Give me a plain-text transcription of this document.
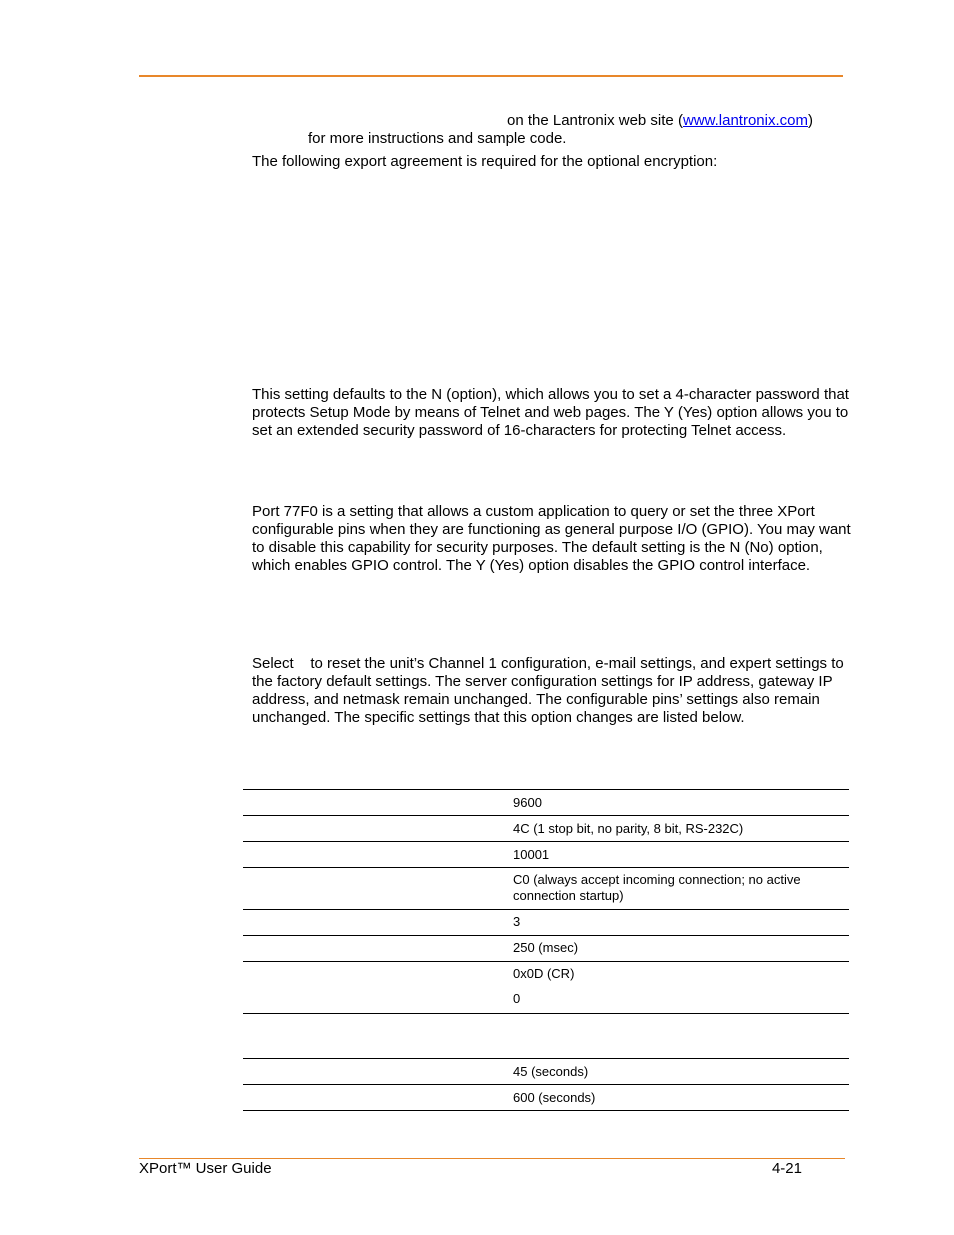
on the Lantronix web site (www.lantronix.com)

for more instructions and sample code.

The following export agreement is required for the optional encryption:

This setting defaults to the N (option), which allows you to set a 4-character password that protects Setup Mode by means of Telnet and web pages. The Y (Yes) option allows you to set an extended security password of 16-characters for protecting Telnet access.

Port 77F0 is a setting that allows a custom application to query or set the three XPort configurable pins when they are functioning as general purpose I/O (GPIO). You may want to disable this capability for security purposes. The default setting is the N (No) option, which enables GPIO control. The Y (Yes) option disables the GPIO control interface.

Select    to reset the unit’s Channel 1 configuration, e-mail settings, and expert settings to the factory default settings. The server configuration settings for IP address, gateway IP address, and netmask remain unchanged. The configurable pins’ settings also remain unchanged. The specific settings that this option changes are listed below.

9600
4C (1 stop bit, no parity, 8 bit, RS-232C)
10001
C0 (always accept incoming connection; no active
connection startup)
3
250 (msec)
0x0D (CR)
0
45 (seconds)
600 (seconds)
XPort™ User Guide	4-21
